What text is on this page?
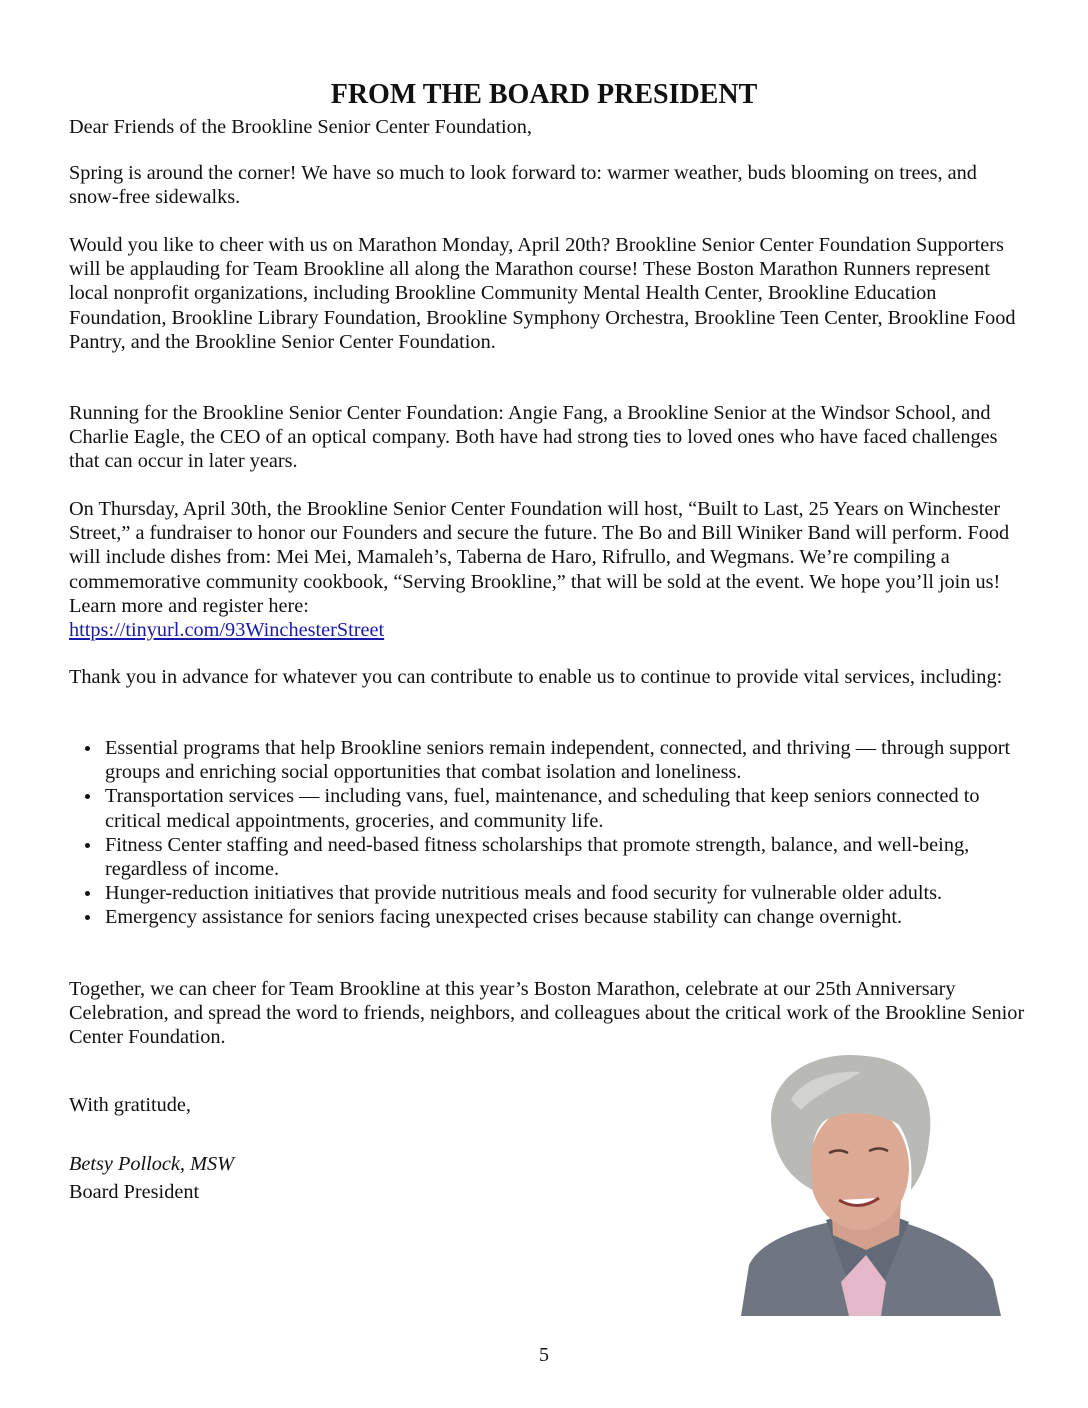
FROM THE BOARD PRESIDENT

Dear Friends of the Brookline Senior Center Foundation,

Spring is around the corner! We have so much to look forward to: warmer weather, buds blooming on trees, and snow-free sidewalks.

Would you like to cheer with us on Marathon Monday, April 20th? Brookline Senior Center Foundation Supporters will be applauding for Team Brookline all along the Marathon course! These Boston Marathon Runners represent local nonprofit organizations, including Brookline Community Mental Health Center, Brookline Education Foundation, Brookline Library Foundation, Brookline Symphony Orchestra, Brookline Teen Center, Brookline Food Pantry, and the Brookline Senior Center Foundation.

Running for the Brookline Senior Center Foundation: Angie Fang, a Brookline Senior at the Windsor School, and Charlie Eagle, the CEO of an optical company. Both have had strong ties to loved ones who have faced challenges that can occur in later years.

On Thursday, April 30th, the Brookline Senior Center Foundation will host, “Built to Last, 25 Years on Winchester Street,” a fundraiser to honor our Founders and secure the future. The Bo and Bill Winiker Band will perform. Food will include dishes from: Mei Mei, Mamaleh’s, Taberna de Haro, Rifrullo, and Wegmans. We’re compiling a commemorative community cookbook, “Serving Brookline,” that will be sold at the event. We hope you’ll join us! Learn more and register here:
https://tinyurl.com/93WinchesterStreet

Thank you in advance for whatever you can contribute to enable us to continue to provide vital services, including:

Essential programs that help Brookline seniors remain independent, connected, and thriving — through support groups and enriching social opportunities that combat isolation and loneliness.
Transportation services — including vans, fuel, maintenance, and scheduling that keep seniors connected to critical medical appointments, groceries, and community life.
Fitness Center staffing and need-based fitness scholarships that promote strength, balance, and well-being, regardless of income.
Hunger-reduction initiatives that provide nutritious meals and food security for vulnerable older adults.
Emergency assistance for seniors facing unexpected crises because stability can change overnight.

Together, we can cheer for Team Brookline at this year’s Boston Marathon, celebrate at our 25th Anniversary Celebration, and spread the word to friends, neighbors, and colleagues about the critical work of the Brookline Senior Center Foundation.

With gratitude,

Betsy Pollock, MSW

Board President

5
